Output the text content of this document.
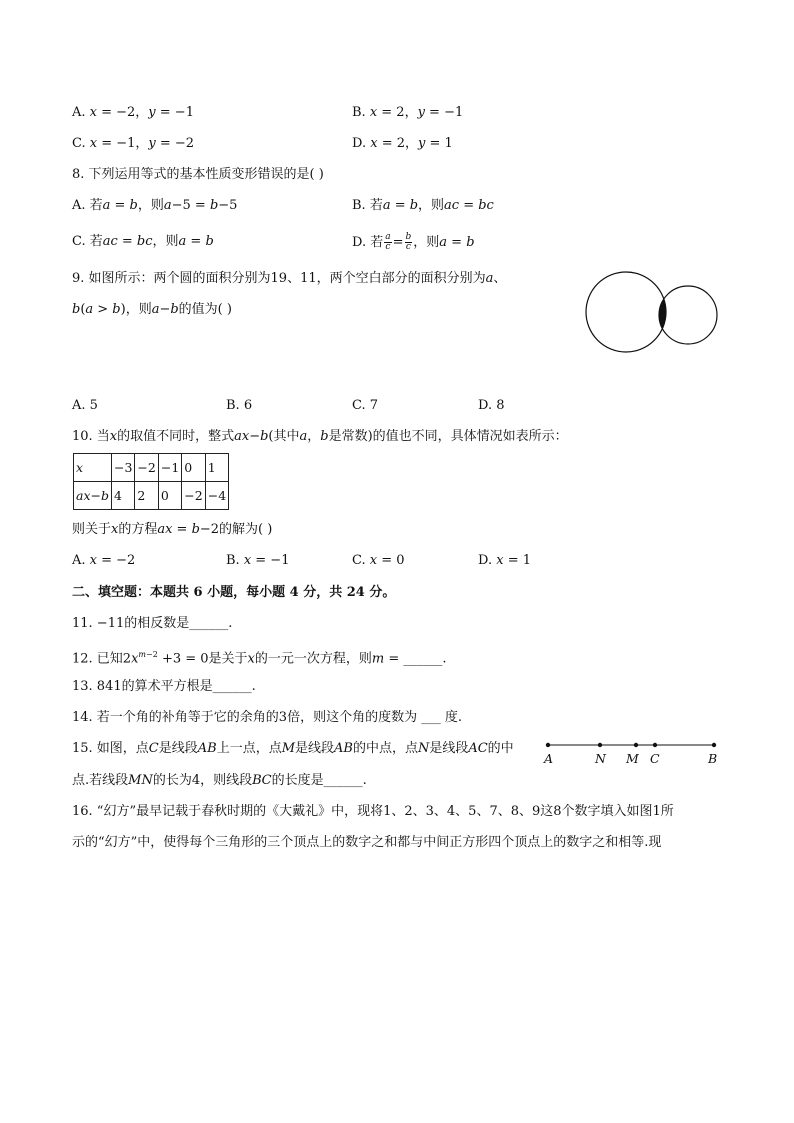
A. 𝑥 = −2，𝑦 = −1	B. 𝑥 = 2，𝑦 = −1
C. 𝑥 = −1，𝑦 = −2	D. 𝑥 = 2，𝑦 = 1
8. 下列运用等式的基本性质变形错误的是( )
A. 若𝑎 = 𝑏，则𝑎−5 = 𝑏−5	B. 若𝑎 = 𝑏，则𝑎𝑐 = 𝑏𝑐
C. 若𝑎𝑐 = 𝑏𝑐，则𝑎 = 𝑏	D. 若 𝑎
𝑐 = 𝑏
𝑐 ，则𝑎 = 𝑏
9. 如图所示：两个圆的面积分别为19、11，两个空白部分的面积分别为𝑎、
𝑏(𝑎 > 𝑏)，则𝑎−𝑏的值为( )
A. 5	B. 6	C. 7	D. 8
10. 当𝑥的取值不同时，整式𝑎𝑥−𝑏(其中𝑎，𝑏是常数)的值也不同，具体情况如表所示：
𝑥	−3	−2	−1	0	1
𝑎𝑥−𝑏	4	2	0	−2	−4
则关于𝑥的方程𝑎𝑥 = 𝑏−2的解为( )
A. 𝑥 = −2	B. 𝑥 = −1	C. 𝑥 = 0	D. 𝑥 = 1
二、填空题：本题共 6 小题，每小题 4 分，共 24 分。
11. −11的相反数是______.
12. 已知2𝑥$^{𝑚-2}$ +3 = 0是关于𝑥的一元一次方程，则𝑚 = ______.
13. 841的算术平方根是______.
14. 若一个角的补角等于它的余角的3倍，则这个角的度数为 ___ 度.
15. 如图，点𝐶是线段𝐴𝐵上一点，点𝑀是线段𝐴𝐵的中点，点𝑁是线段𝐴𝐶的中
点.若线段𝑀𝑁的长为4，则线段𝐵𝐶的长度是______.
A	N M C	B
16. “幻方”最早记载于春秋时期的《大戴礼》中，现将1、2、3、4、5、7、8、9这8个数字填入如图1所
示的“幻方”中，使得每个三角形的三个顶点上的数字之和都与中间正方形四个顶点上的数字之和相等.现
